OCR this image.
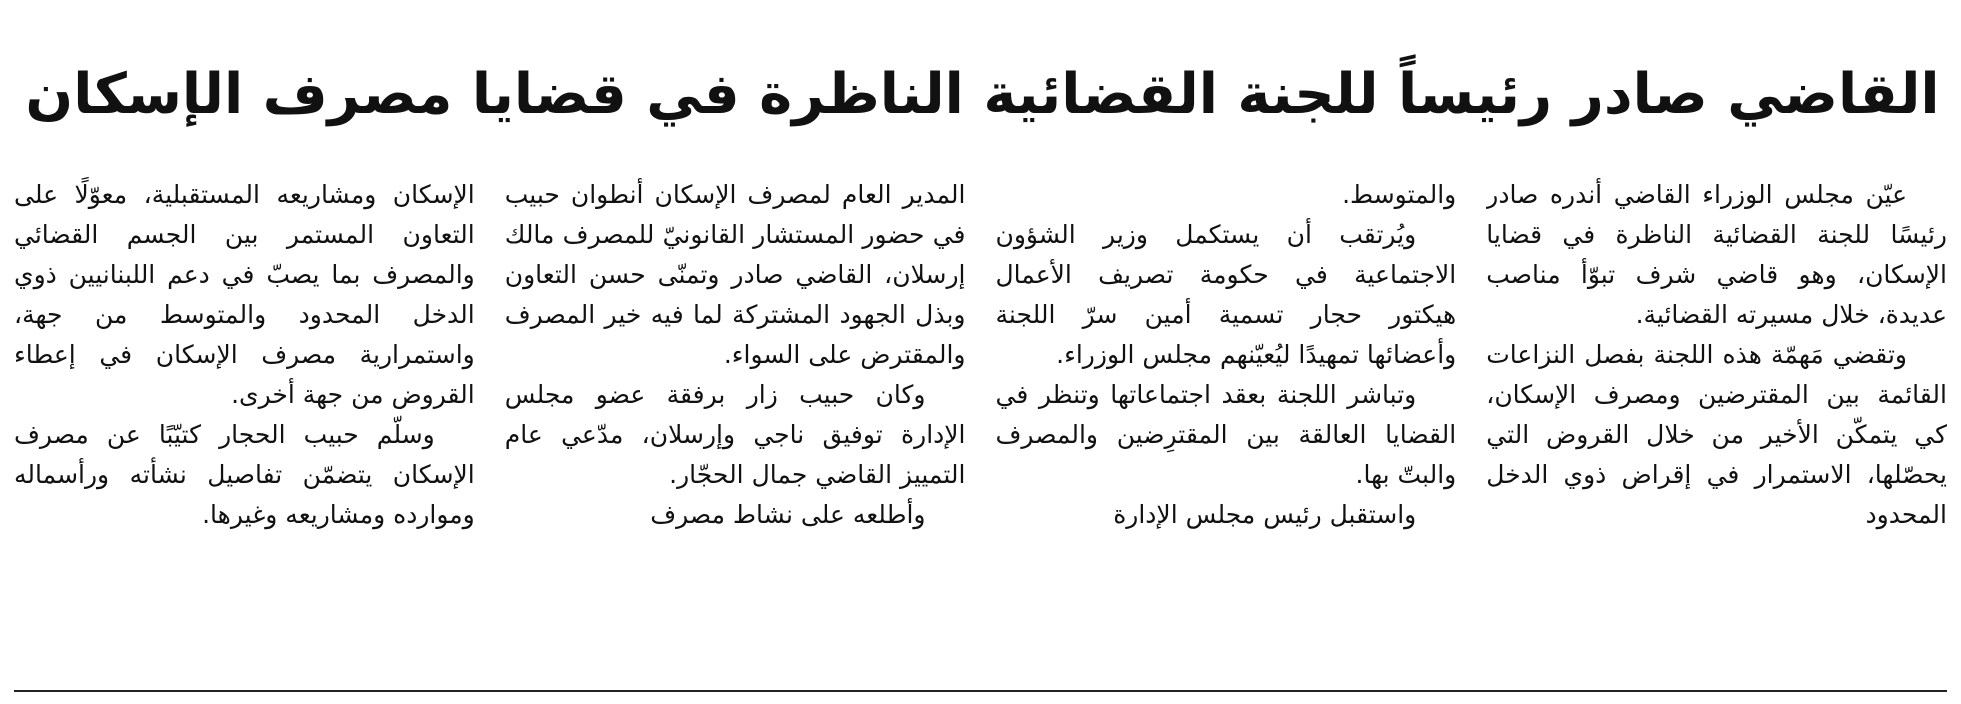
القاضي صادر رئيساً للجنة القضائية الناظرة في قضايا مصرف الإسكان

عيّن مجلس الوزراء القاضي أندره صادر رئيسًا للجنة القضائية الناظرة في قضايا الإسكان، وهو قاضي شرف تبوّأ مناصب عديدة، خلال مسيرته القضائية.

وتقضي مَهمّة هذه اللجنة بفصل النزاعات القائمة بين المقترضين ومصرف الإسكان، كي يتمكّن الأخير من خلال القروض التي يحصّلها، الاستمرار في إقراض ذوي الدخل المحدود

والمتوسط.

ويُرتقب أن يستكمل وزير الشؤون الاجتماعية في حكومة تصريف الأعمال هيكتور حجار تسمية أمين سرّ اللجنة وأعضائها تمهيدًا ليُعيّنهم مجلس الوزراء.

وتباشر اللجنة بعقد اجتماعاتها وتنظر في القضايا العالقة بين المقترِضين والمصرف والبتّ بها.

واستقبل رئيس مجلس الإدارة

المدير العام لمصرف الإسكان أنطوان حبيب في حضور المستشار القانونيّ للمصرف مالك إرسلان، القاضي صادر وتمنّى حسن التعاون وبذل الجهود المشتركة لما فيه خير المصرف والمقترض على السواء.

وكان حبيب زار برفقة عضو مجلس الإدارة توفيق ناجي وإرسلان، مدّعي عام التمييز القاضي جمال الحجّار.

وأطلعه على نشاط مصرف

الإسكان ومشاريعه المستقبلية، معوّلًا على التعاون المستمر بين الجسم القضائي والمصرف بما يصبّ في دعم اللبنانيين ذوي الدخل المحدود والمتوسط من جهة، واستمرارية مصرف الإسكان في إعطاء القروض من جهة أخرى.

وسلّم حبيب الحجار كتيّبًا عن مصرف الإسكان يتضمّن تفاصيل نشأته ورأسماله وموارده ومشاريعه وغيرها.
